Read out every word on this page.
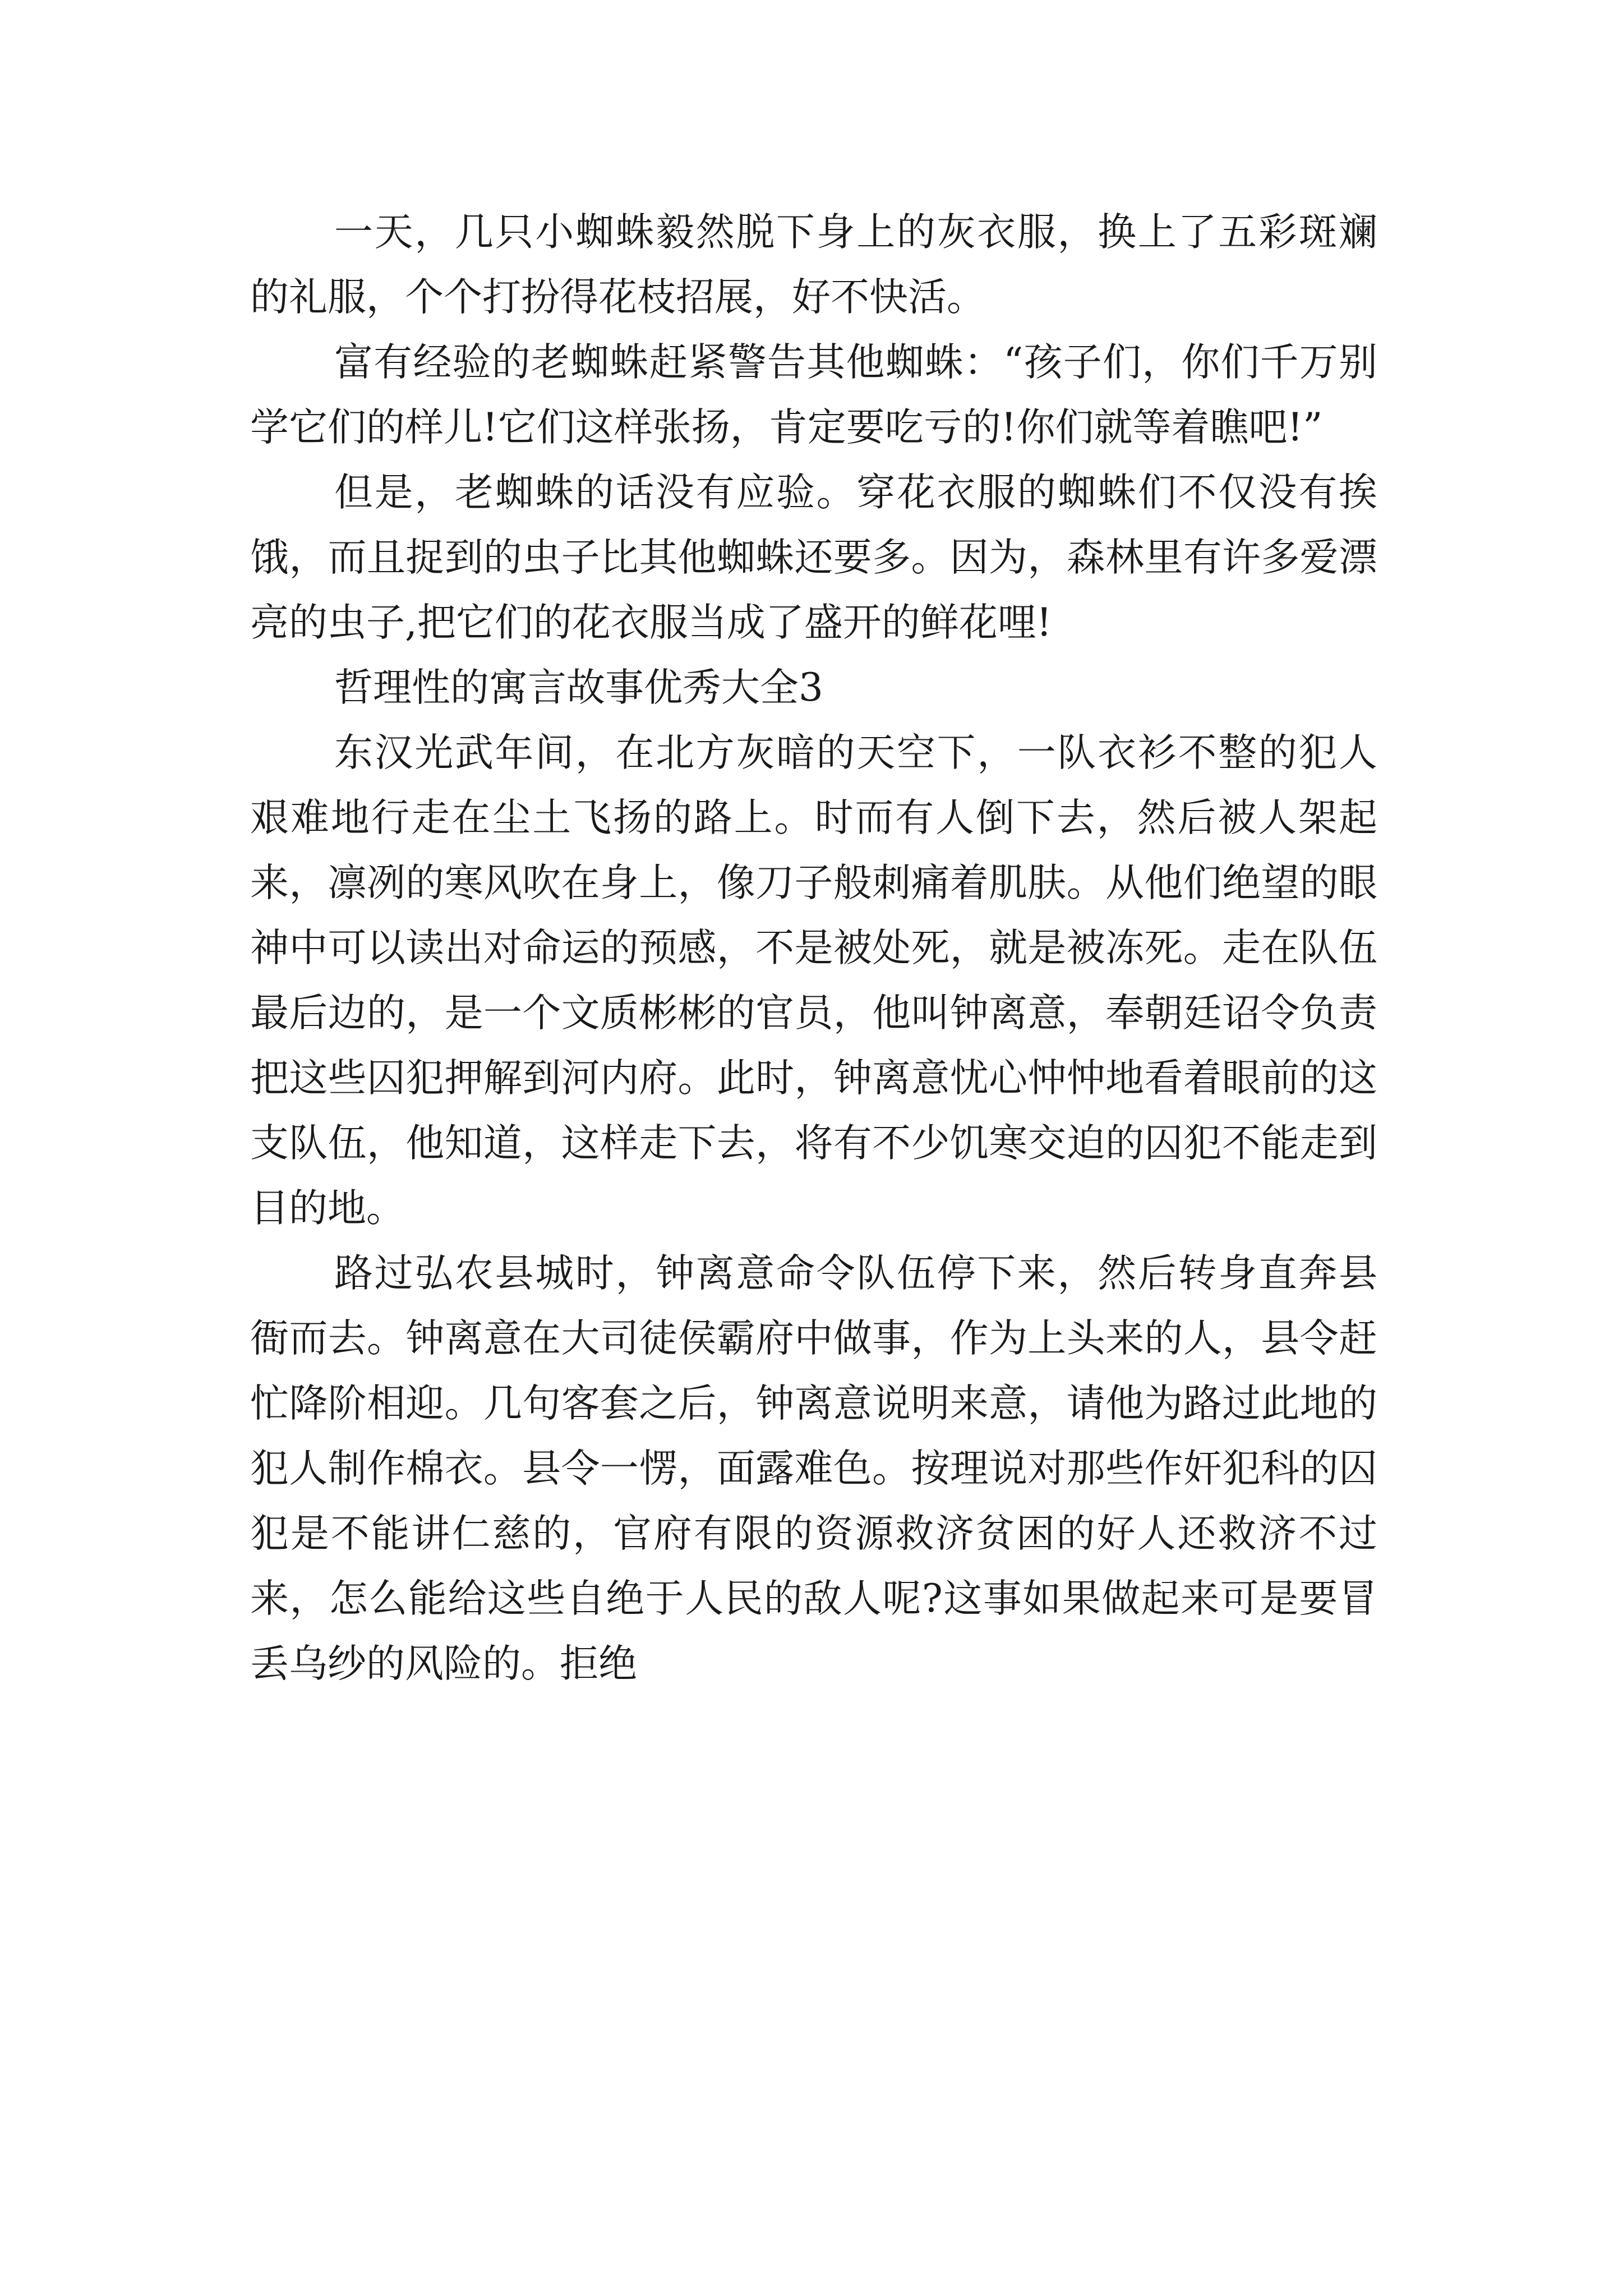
一天，几只小蜘蛛毅然脱下身上的灰衣服，换上了五彩斑斓的礼服，个个打扮得花枝招展，好不快活。

富有经验的老蜘蛛赶紧警告其他蜘蛛：“孩子们，你们千万别学它们的样儿!它们这样张扬，肯定要吃亏的!你们就等着瞧吧!”

但是，老蜘蛛的话没有应验。穿花衣服的蜘蛛们不仅没有挨饿，而且捉到的虫子比其他蜘蛛还要多。因为，森林里有许多爱漂亮的虫子,把它们的花衣服当成了盛开的鲜花哩!

哲理性的寓言故事优秀大全3

东汉光武年间，在北方灰暗的天空下，一队衣衫不整的犯人艰难地行走在尘土飞扬的路上。时而有人倒下去，然后被人架起来，凛冽的寒风吹在身上，像刀子般刺痛着肌肤。从他们绝望的眼神中可以读出对命运的预感，不是被处死，就是被冻死。走在队伍最后边的，是一个文质彬彬的官员，他叫钟离意，奉朝廷诏令负责把这些囚犯押解到河内府。此时，钟离意忧心忡忡地看着眼前的这支队伍，他知道，这样走下去，将有不少饥寒交迫的囚犯不能走到目的地。

路过弘农县城时，钟离意命令队伍停下来，然后转身直奔县衙而去。钟离意在大司徒侯霸府中做事，作为上头来的人，县令赶忙降阶相迎。几句客套之后，钟离意说明来意，请他为路过此地的犯人制作棉衣。县令一愣，面露难色。按理说对那些作奸犯科的囚犯是不能讲仁慈的，官府有限的资源救济贫困的好人还救济不过来，怎么能给这些自绝于人民的敌人呢?这事如果做起来可是要冒丢乌纱的风险的。拒绝
